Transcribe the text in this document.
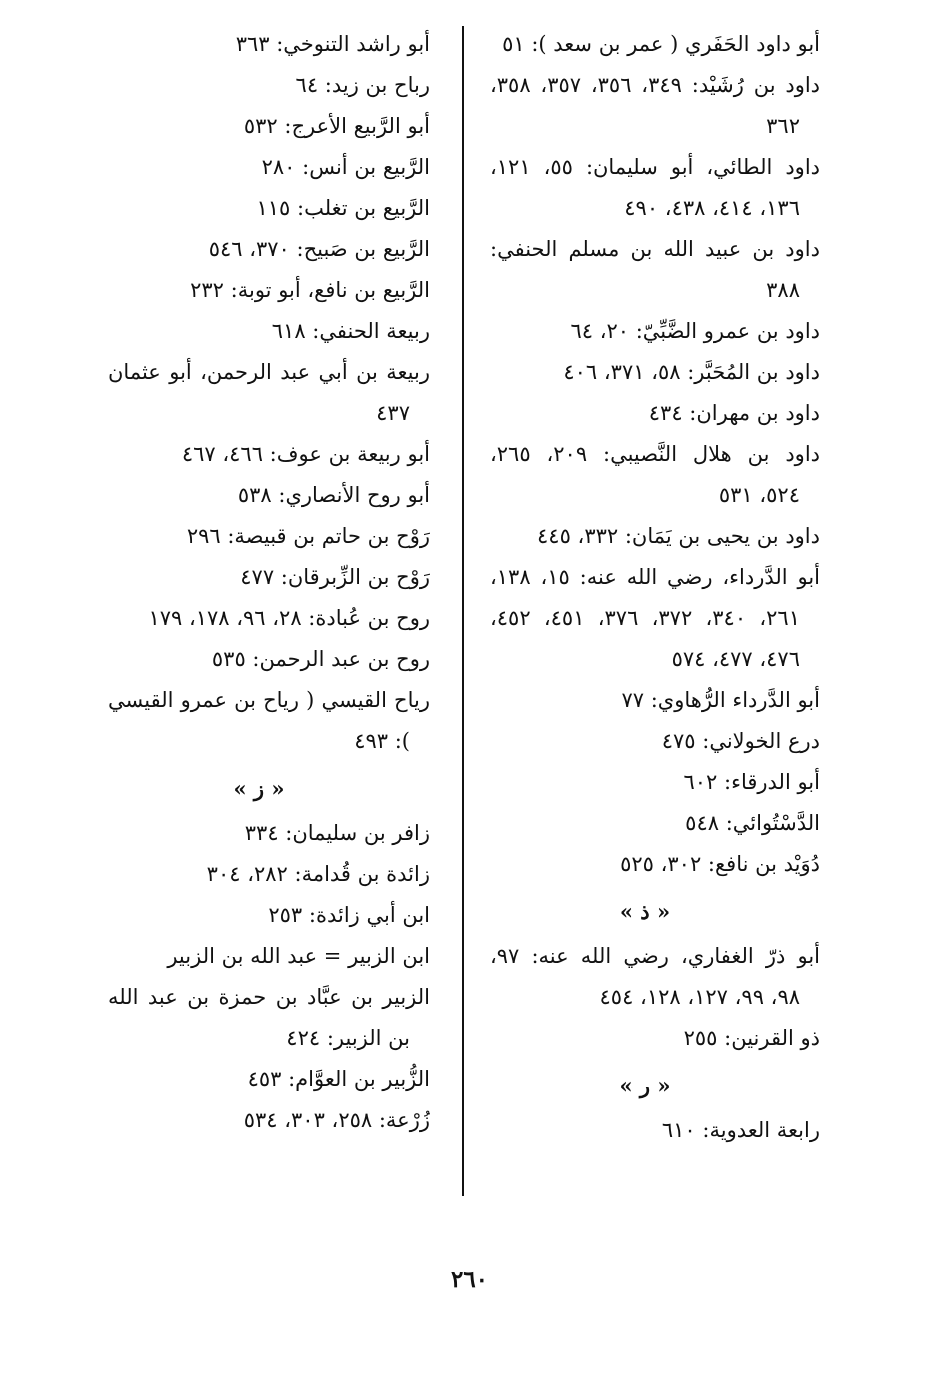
أبو داود الحَفَري ( عمر بن سعد ): ٥١

داود بن رُشَيْد: ٣٤٩، ٣٥٦، ٣٥٧، ٣٥٨، ٣٦٢

داود الطائي، أبو سليمان: ٥٥، ١٢١، ١٣٦، ٤١٤، ٤٣٨، ٤٩٠

داود بن عبيد الله بن مسلم الحنفي: ٣٨٨

داود بن عمرو الضَّبِّيّ: ٢٠، ٦٤

داود بن المُحَبَّر: ٥٨، ٣٧١، ٤٠٦

داود بن مهران: ٤٣٤

داود بن هلال النَّصيبي: ٢٠٩، ٢٦٥، ٥٢٤، ٥٣١

داود بن يحيى بن يَمَان: ٣٣٢، ٤٤٥

أبو الدَّرداء، رضي الله عنه: ١٥، ١٣٨، ٢٦١، ٣٤٠، ٣٧٢، ٣٧٦، ٤٥١، ٤٥٢، ٤٧٦، ٤٧٧، ٥٧٤

أبو الدَّرداء الرُّهاوي: ٧٧

درع الخولاني: ٤٧٥

أبو الدرقاء: ٦٠٢

الدَّسْتُوائي: ٥٤٨

دُوَيْد بن نافع: ٣٠٢، ٥٢٥

« ذ »

أبو ذرّ الغفاري، رضي الله عنه: ٩٧، ٩٨، ٩٩، ١٢٧، ١٢٨، ٤٥٤

ذو القرنين: ٢٥٥

« ر »

رابعة العدوية: ٦١٠

أبو راشد التنوخي: ٣٦٣

رباح بن زيد: ٦٤

أبو الرَّبيع الأعرج: ٥٣٢

الرَّبيع بن أنس: ٢٨٠

الرَّبيع بن تغلب: ١١٥

الرَّبيع بن صَبيح: ٣٧٠، ٥٤٦

الرَّبيع بن نافع، أبو توبة: ٢٣٢

ربيعة الحنفي: ٦١٨

ربيعة بن أبي عبد الرحمن، أبو عثمان ٤٣٧

أبو ربيعة بن عوف: ٤٦٦، ٤٦٧

أبو روح الأنصاري: ٥٣٨

رَوْح بن حاتم بن قبيصة: ٢٩٦

رَوْح بن الزِّبرقان: ٤٧٧

روح بن عُبادة: ٢٨، ٩٦، ١٧٨، ١٧٩

روح بن عبد الرحمن: ٥٣٥

رياح القيسي ( رياح بن عمرو القيسي ): ٤٩٣

« ز »

زافر بن سليمان: ٣٣٤

زائدة بن قُدامة: ٢٨٢، ٣٠٤

ابن أبي زائدة: ٢٥٣

ابن الزبير = عبد الله بن الزبير

الزبير بن عبَّاد بن حمزة بن عبد الله بن الزبير: ٤٢٤

الزُّبير بن العوَّام: ٤٥٣

زُرْعة: ٢٥٨، ٣٠٣، ٥٣٤

٢٦٠
